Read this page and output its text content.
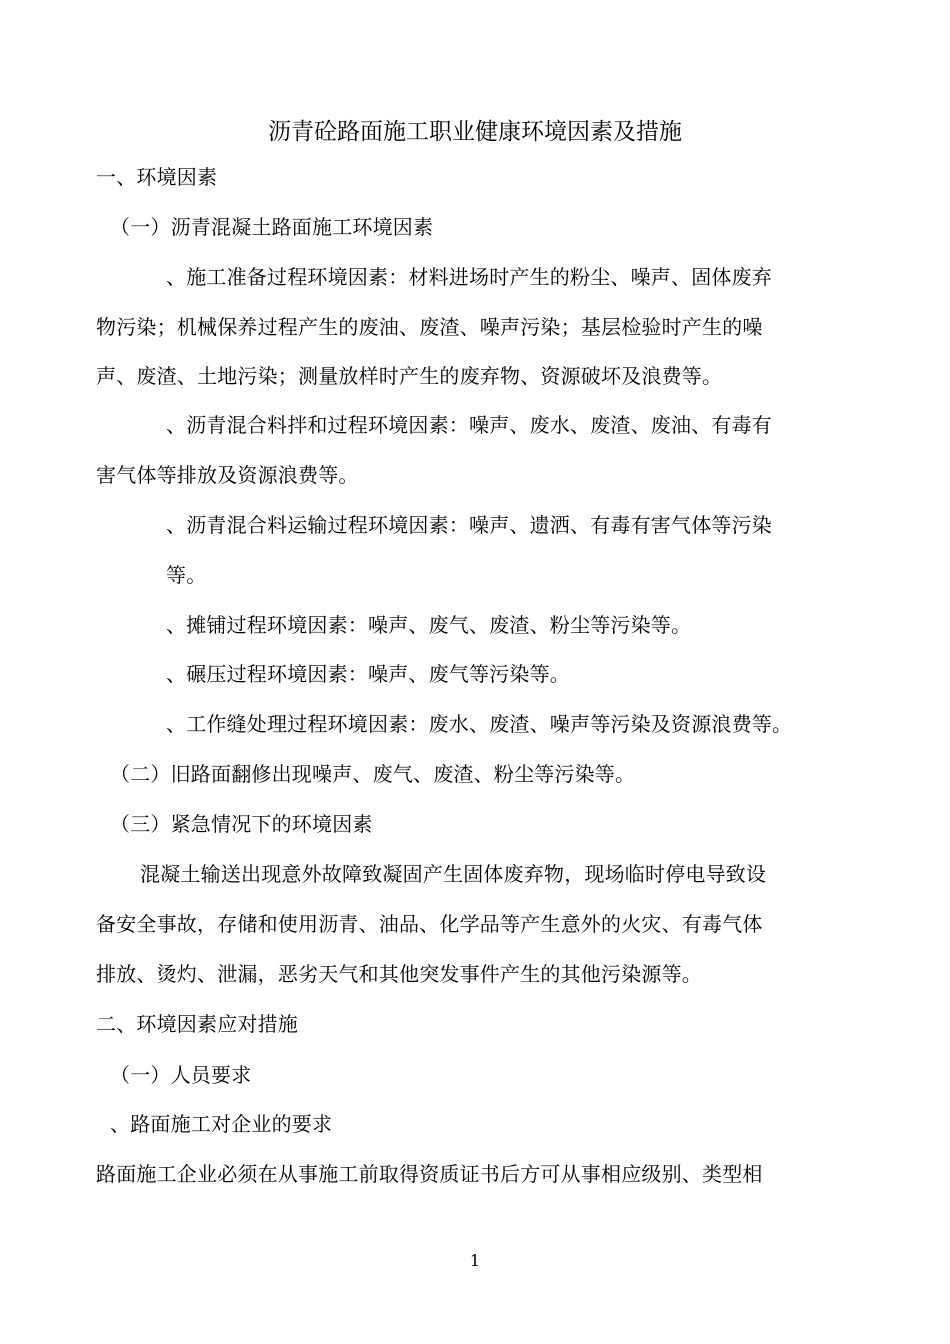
沥青砼路面施工职业健康环境因素及措施
一、环境因素
（一）沥青混凝土路面施工环境因素
、施工准备过程环境因素：材料进场时产生的粉尘、噪声、固体废弃
物污染；机械保养过程产生的废油、废渣、噪声污染；基层检验时产生的噪
声、废渣、土地污染；测量放样时产生的废弃物、资源破坏及浪费等。
、沥青混合料拌和过程环境因素：噪声、废水、废渣、废油、有毒有
害气体等排放及资源浪费等。
、沥青混合料运输过程环境因素：噪声、遗洒、有毒有害气体等污染
等。
、摊铺过程环境因素：噪声、废气、废渣、粉尘等污染等。
、碾压过程环境因素：噪声、废气等污染等。
、工作缝处理过程环境因素：废水、废渣、噪声等污染及资源浪费等。
（二）旧路面翻修出现噪声、废气、废渣、粉尘等污染等。
（三）紧急情况下的环境因素
混凝土输送出现意外故障致凝固产生固体废弃物，现场临时停电导致设
备安全事故，存储和使用沥青、油品、化学品等产生意外的火灾、有毒气体
排放、烫灼、泄漏，恶劣天气和其他突发事件产生的其他污染源等。
二、环境因素应对措施
（一）人员要求
、路面施工对企业的要求
路面施工企业必须在从事施工前取得资质证书后方可从事相应级别、类型相
1
